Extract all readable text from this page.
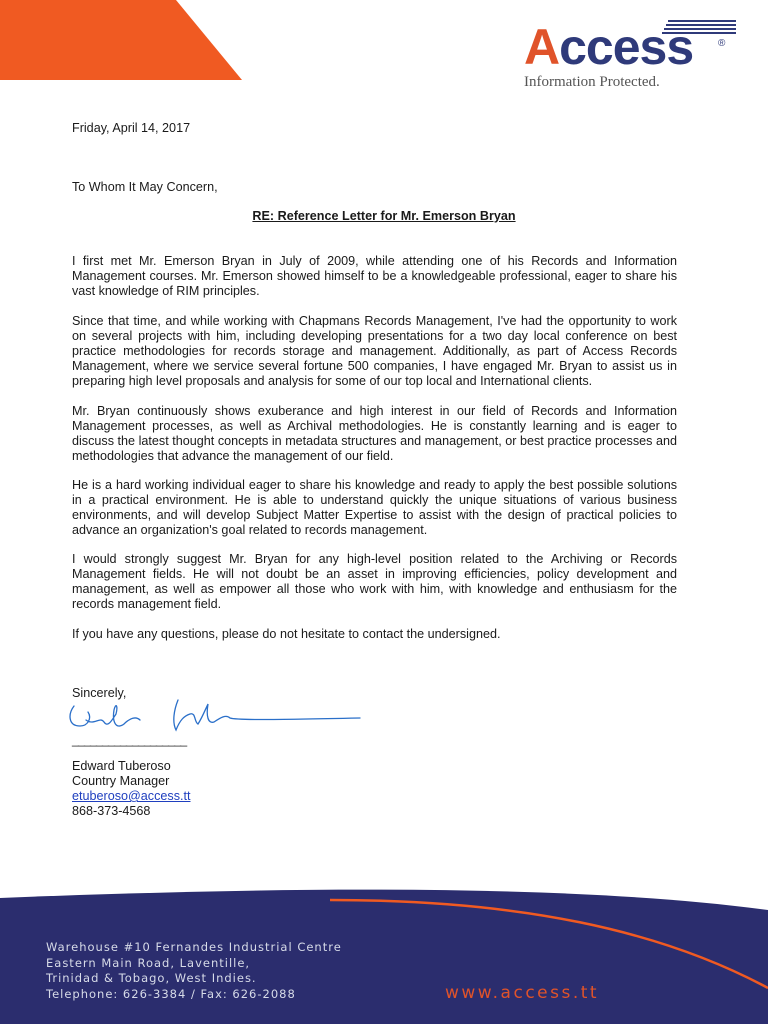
Access ®
Information Protected.
Friday, April 14, 2017
To Whom It May Concern,
RE: Reference Letter for Mr. Emerson Bryan

I first met Mr. Emerson Bryan in July of 2009, while attending one of his Records and Information Management courses. Mr. Emerson showed himself to be a knowledgeable professional, eager to share his vast knowledge of RIM principles.

Since that time, and while working with Chapmans Records Management, I've had the opportunity to work on several projects with him, including developing presentations for a two day local conference on best practice methodologies for records storage and management. Additionally, as part of Access Records Management, where we service several fortune 500 companies, I have engaged Mr. Bryan to assist us in preparing high level proposals and analysis for some of our top local and International clients.

Mr. Bryan continuously shows exuberance and high interest in our field of Records and Information Management processes, as well as Archival methodologies. He is constantly learning and is eager to discuss the latest thought concepts in metadata structures and management, or best practice processes and methodologies that advance the management of our field.

He is a hard working individual eager to share his knowledge and ready to apply the best possible solutions in a practical environment. He is able to understand quickly the unique situations of various business environments, and will develop Subject Matter Expertise to assist with the design of practical policies to advance an organization's goal related to records management.

I would strongly suggest Mr. Bryan for any high-level position related to the Archiving or Records Management fields. He will not doubt be an asset in improving efficiencies, policy development and management, as well as empower all those who work with him, with knowledge and enthusiasm for the records management field.

If you have any questions, please do not hesitate to contact the undersigned.

Sincerely,
___________________
Edward Tuberoso
Country Manager
etuberoso@access.tt
868-373-4568
Warehouse #10 Fernandes Industrial Centre
Eastern Main Road, Laventille,
Trinidad & Tobago, West Indies.
Telephone: 626-3384 / Fax: 626-2088	www.access.tt
